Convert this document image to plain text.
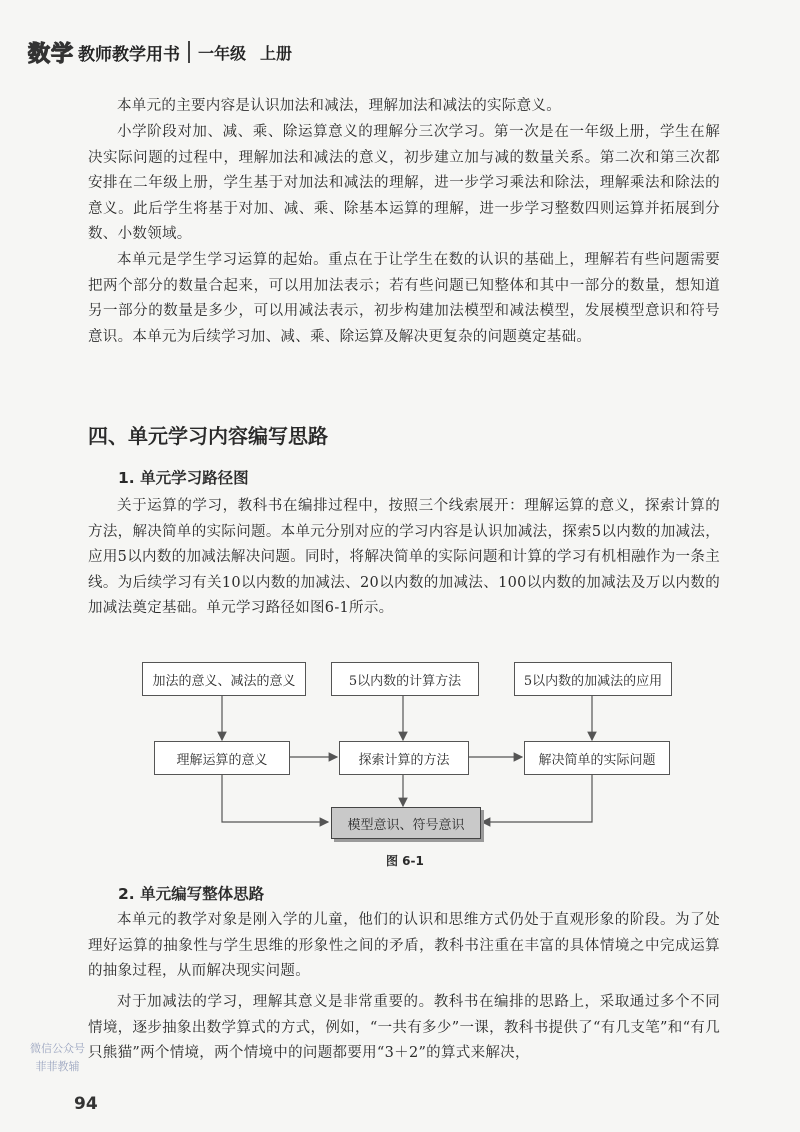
数学 教师教学用书 一年级 上册

本单元的主要内容是认识加法和减法，理解加法和减法的实际意义。

小学阶段对加、减、乘、除运算意义的理解分三次学习。第一次是在一年级上册，学生在解决实际问题的过程中，理解加法和减法的意义，初步建立加与减的数量关系。第二次和第三次都安排在二年级上册，学生基于对加法和减法的理解，进一步学习乘法和除法，理解乘法和除法的意义。此后学生将基于对加、减、乘、除基本运算的理解，进一步学习整数四则运算并拓展到分数、小数领域。

本单元是学生学习运算的起始。重点在于让学生在数的认识的基础上，理解若有些问题需要把两个部分的数量合起来，可以用加法表示；若有些问题已知整体和其中一部分的数量，想知道另一部分的数量是多少，可以用减法表示，初步构建加法模型和减法模型，发展模型意识和符号意识。本单元为后续学习加、减、乘、除运算及解决更复杂的问题奠定基础。

四、单元学习内容编写思路
1. 单元学习路径图

关于运算的学习，教科书在编排过程中，按照三个线索展开：理解运算的意义，探索计算的方法，解决简单的实际问题。本单元分别对应的学习内容是认识加减法，探索5以内数的加减法，应用5以内数的加减法解决问题。同时，将解决简单的实际问题和计算的学习有机相融作为一条主线。为后续学习有关10以内数的加减法、20以内数的加减法、100以内数的加减法及万以内数的加减法奠定基础。单元学习路径如图6-1所示。

加法的意义、减法的意义	5以内数的计算方法	5以内数的加减法的应用
理解运算的意义	探索计算的方法	解决简单的实际问题
模型意识、符号意识
图 6-1
2. 单元编写整体思路

本单元的教学对象是刚入学的儿童，他们的认识和思维方式仍处于直观形象的阶段。为了处理好运算的抽象性与学生思维的形象性之间的矛盾，教科书注重在丰富的具体情境之中完成运算的抽象过程，从而解决现实问题。

对于加减法的学习，理解其意义是非常重要的。教科书在编排的思路上，采取通过多个不同情境，逐步抽象出数学算式的方式，例如，“一共有多少”一课，教科书提供了“有几支笔”和“有几只熊猫”两个情境，两个情境中的问题都要用“3＋2”的算式来解决，

微信公众号
菲菲教辅
94
